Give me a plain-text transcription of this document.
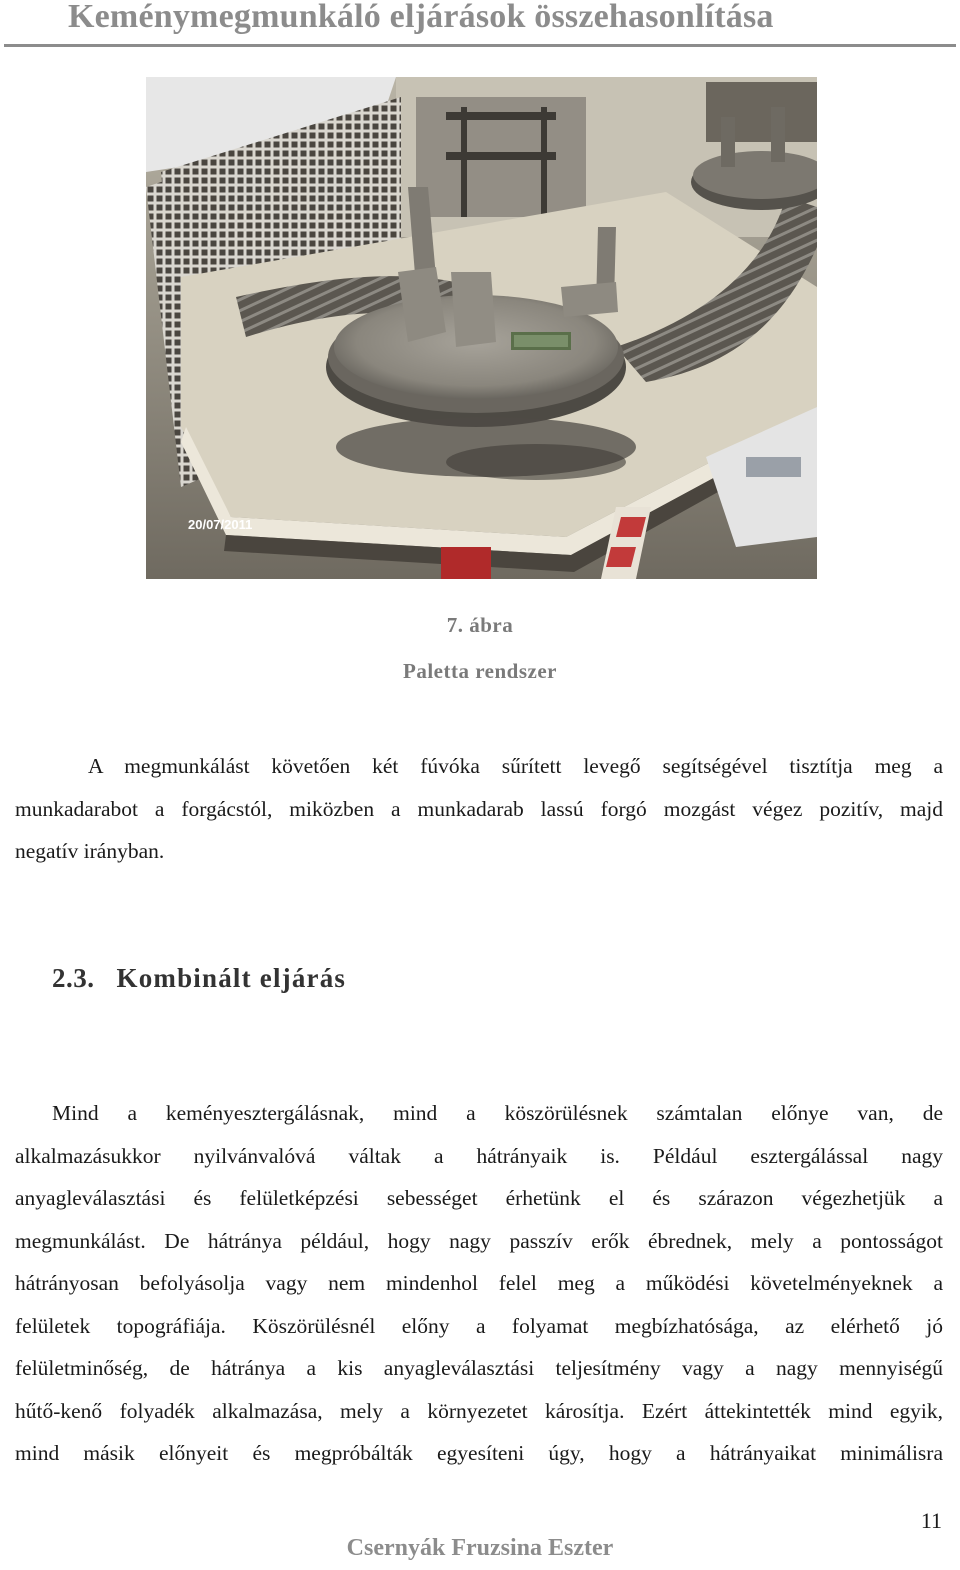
Keménymegmunkáló eljárások összehasonlítása
20/07/2011
7. ábra
Paletta rendszer
A megmunkálást követően két fúvóka sűrített levegő segítségével tisztítja meg a
munkadarabot a forgácstól, miközben a munkadarab lassú forgó mozgást végez pozitív, majd
negatív irányban.
2.3. Kombinált eljárás
Mind a keményesztergálásnak, mind a köszörülésnek számtalan előnye van, de
alkalmazásukkor nyilvánvalóvá váltak a hátrányaik is. Például esztergálással nagy
anyagleválasztási és felületképzési sebességet érhetünk el és szárazon végezhetjük a
megmunkálást. De hátránya például, hogy nagy passzív erők ébrednek, mely a pontosságot
hátrányosan befolyásolja vagy nem mindenhol felel meg a működési követelményeknek a
felületek topográfiája. Köszörülésnél előny a folyamat megbízhatósága, az elérhető jó
felületminőség, de hátránya a kis anyagleválasztási teljesítmény vagy a nagy mennyiségű
hűtő-kenő folyadék alkalmazása, mely a környezetet károsítja. Ezért áttekintették mind egyik,
mind másik előnyeit és megpróbálták egyesíteni úgy, hogy a hátrányaikat minimálisra
11
Csernyák Fruzsina Eszter
